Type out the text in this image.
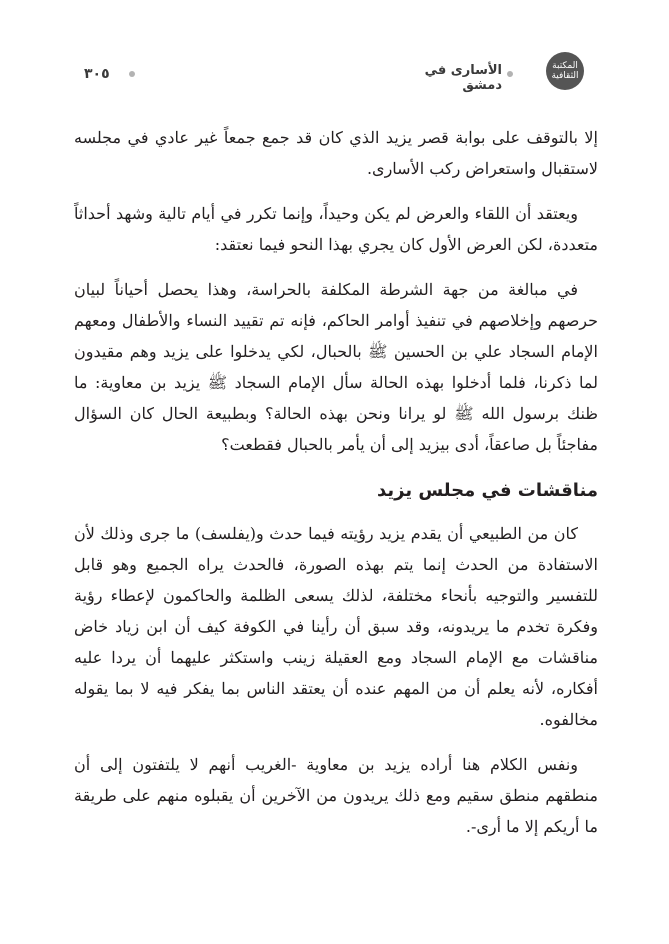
٣٠٥	الأسارى في دمشق
المكتبة الثقافية

إلا بالتوقف على بوابة قصر يزيد الذي كان قد جمع جمعاً غير عادي في مجلسه لاستقبال واستعراض ركب الأسارى.

ويعتقد أن اللقاء والعرض لم يكن وحيداً، وإنما تكرر في أيام تالية وشهد أحداثاً متعددة، لكن العرض الأول كان يجري بهذا النحو فيما نعتقد:

في مبالغة من جهة الشرطة المكلفة بالحراسة، وهذا يحصل أحياناً لبيان حرصهم وإخلاصهم في تنفيذ أوامر الحاكم، فإنه تم تقييد النساء والأطفال ومعهم الإمام السجاد علي بن الحسين ﷺ بالحبال، لكي يدخلوا على يزيد وهم مقيدون لما ذكرنا، فلما أدخلوا بهذه الحالة سأل الإمام السجاد ﷺ يزيد بن معاوية: ما ظنك برسول الله ﷺ لو يرانا ونحن بهذه الحالة؟ وبطبيعة الحال كان السؤال مفاجئاً بل صاعقاً، أدى بيزيد إلى أن يأمر بالحبال فقطعت؟

مناقشات في مجلس يزيد

كان من الطبيعي أن يقدم يزيد رؤيته فيما حدث و(يفلسف) ما جرى وذلك لأن الاستفادة من الحدث إنما يتم بهذه الصورة، فالحدث يراه الجميع وهو قابل للتفسير والتوجيه بأنحاء مختلفة، لذلك يسعى الظلمة والحاكمون لإعطاء رؤية وفكرة تخدم ما يريدونه، وقد سبق أن رأينا في الكوفة كيف أن ابن زياد خاض مناقشات مع الإمام السجاد ومع العقيلة زينب واستكثر عليهما أن يردا عليه أفكاره، لأنه يعلم أن من المهم عنده أن يعتقد الناس بما يفكر فيه لا بما يقوله مخالفوه.

ونفس الكلام هنا أراده يزيد بن معاوية -الغريب أنهم لا يلتفتون إلى أن منطقهم منطق سقيم ومع ذلك يريدون من الآخرين أن يقبلوه منهم على طريقة ما أريكم إلا ما أرى-.
